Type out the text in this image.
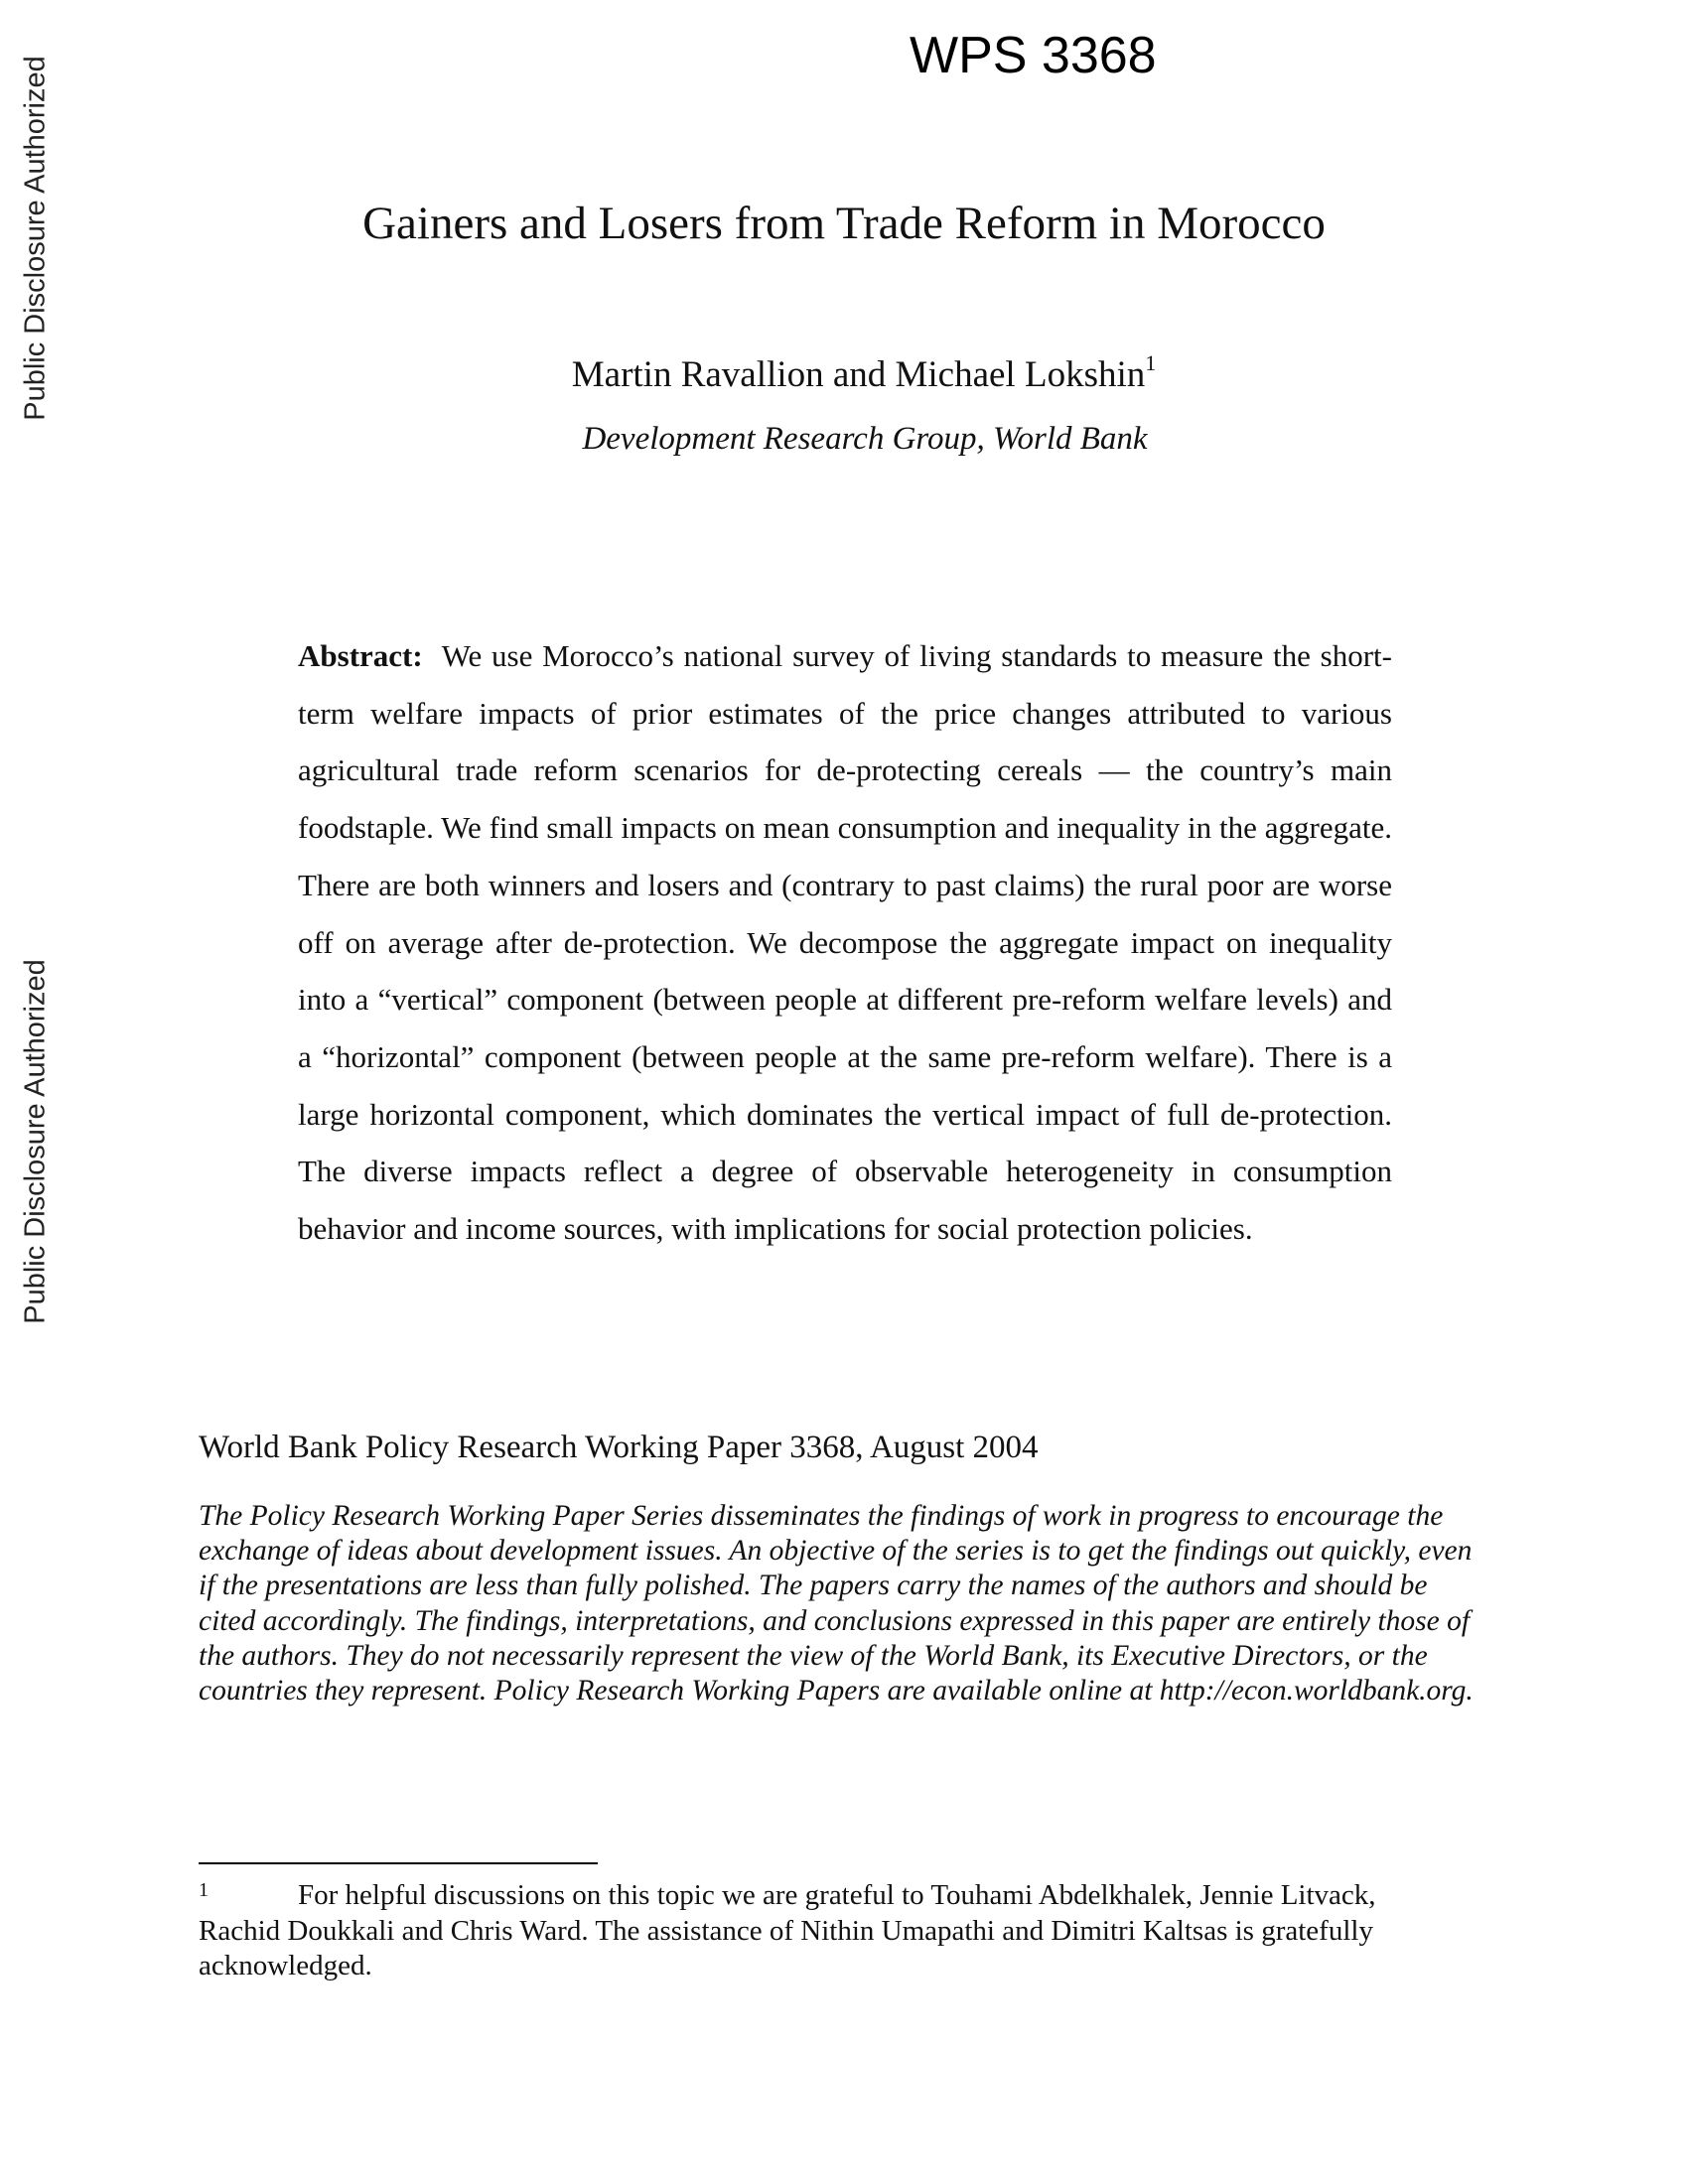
Public Disclosure Authorized
Public Disclosure Authorized
WPS 3368
Gainers and Losers from Trade Reform in Morocco
Martin Ravallion and Michael Lokshin$^1$
Development Research Group, World Bank

Abstract: We use Morocco’s national survey of living standards to measure the short-term welfare impacts of prior estimates of the price changes attributed to various agricultural trade reform scenarios for de-protecting cereals — the country’s main foodstaple. We find small impacts on mean consumption and inequality in the aggregate. There are both winners and losers and (contrary to past claims) the rural poor are worse off on average after de-protection. We decompose the aggregate impact on inequality into a “vertical” component (between people at different pre-reform welfare levels) and a “horizontal” component (between people at the same pre-reform welfare). There is a large horizontal component, which dominates the vertical impact of full de-protection. The diverse impacts reflect a degree of observable heterogeneity in consumption behavior and income sources, with implications for social protection policies.

World Bank Policy Research Working Paper 3368, August 2004

The Policy Research Working Paper Series disseminates the findings of work in progress to encourage the exchange of ideas about development issues. An objective of the series is to get the findings out quickly, even if the presentations are less than fully polished. The papers carry the names of the authors and should be cited accordingly. The findings, interpretations, and conclusions expressed in this paper are entirely those of the authors. They do not necessarily represent the view of the World Bank, its Executive Directors, or the countries they represent. Policy Research Working Papers are available online at http://econ.worldbank.org.

1	For helpful discussions on this topic we are grateful to Touhami Abdelkhalek, Jennie Litvack, Rachid Doukkali and Chris Ward. The assistance of Nithin Umapathi and Dimitri Kaltsas is gratefully acknowledged.
